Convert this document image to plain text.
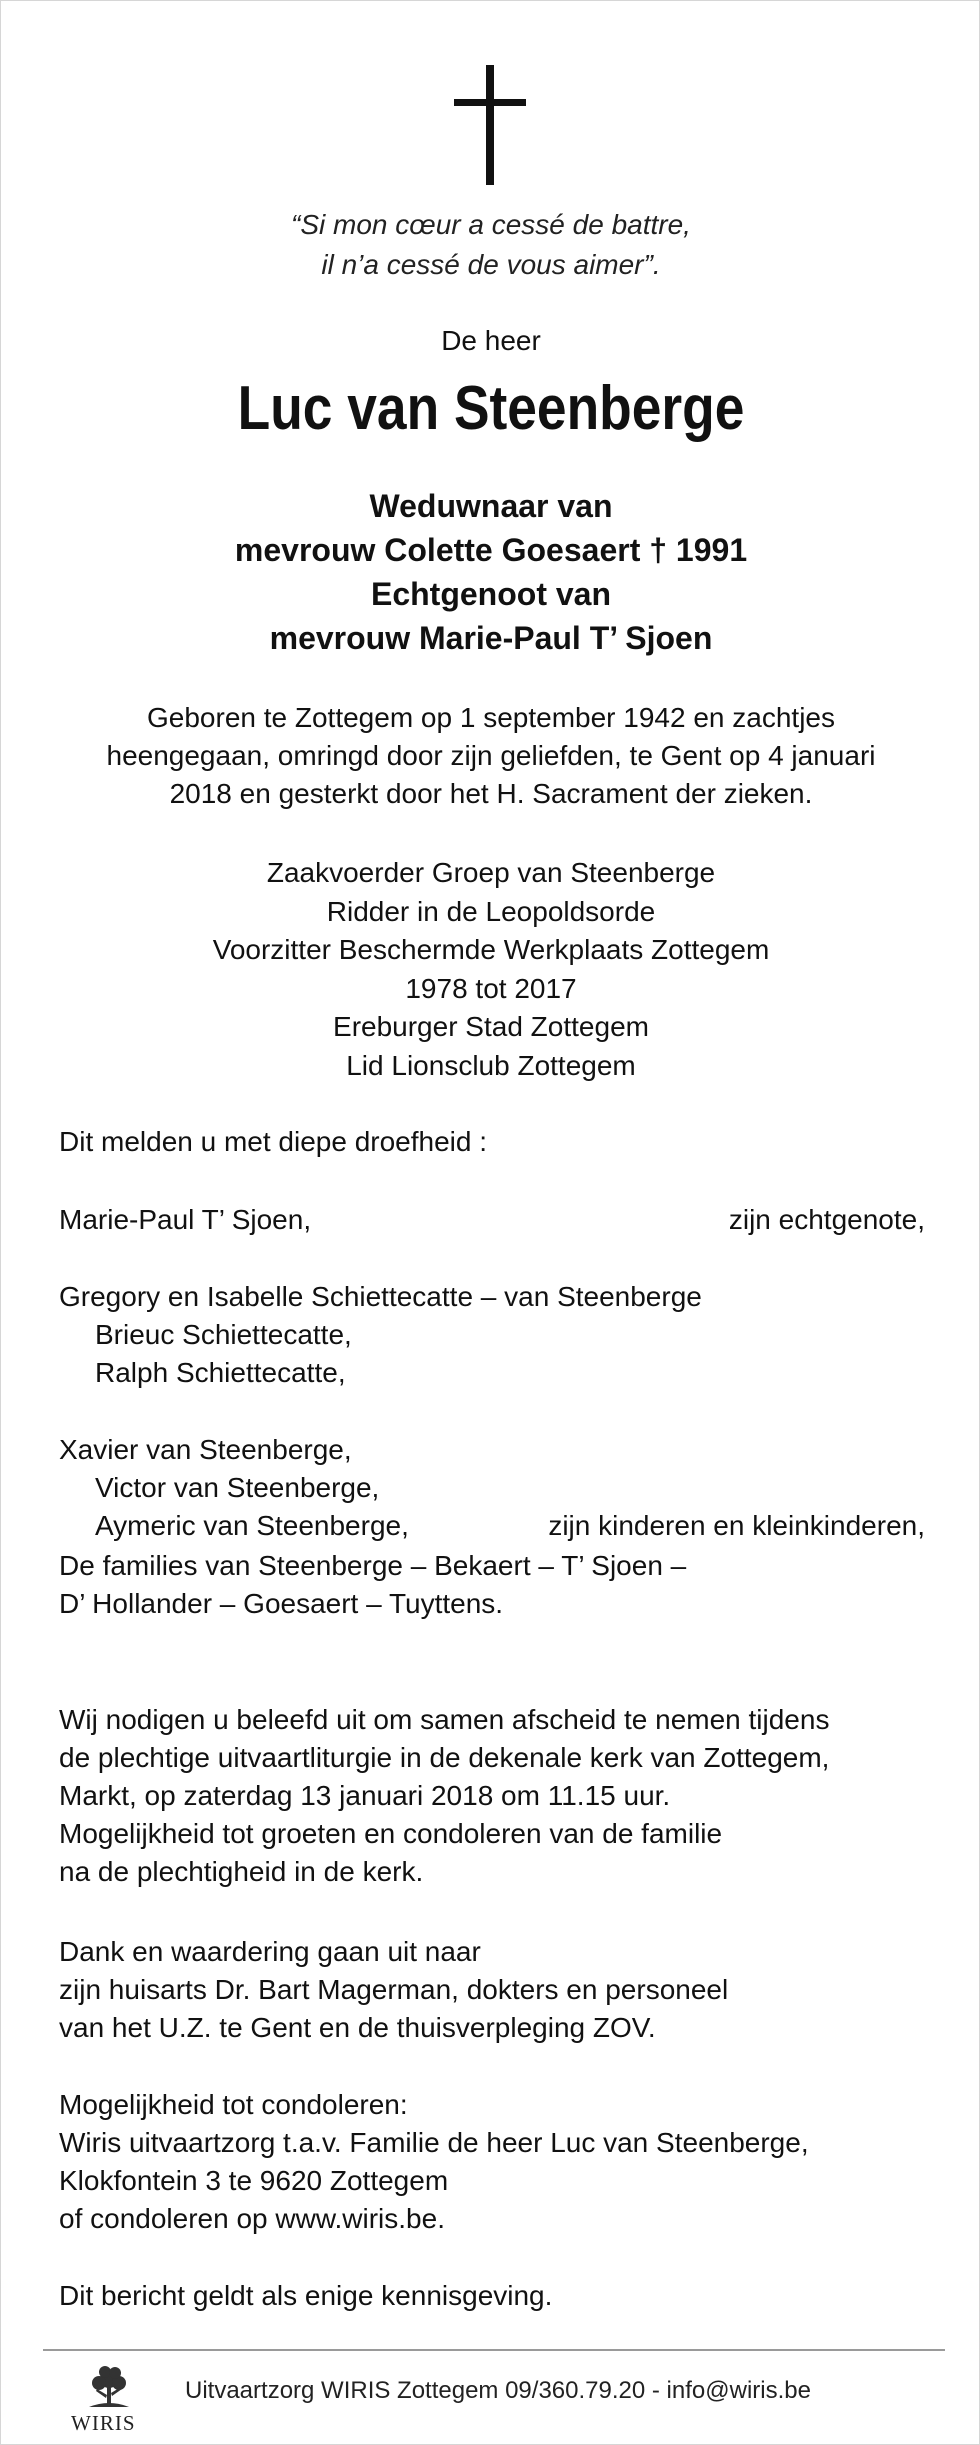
“Si mon cœur a cessé de battre,
il n’a cessé de vous aimer”.
De heer
Luc van Steenberge
Weduwnaar van
mevrouw Colette Goesaert † 1991
Echtgenoot van
mevrouw Marie-Paul T’ Sjoen
Geboren te Zottegem op 1 september 1942 en zachtjes
heengegaan, omringd door zijn geliefden, te Gent op 4 januari
2018 en gesterkt door het H. Sacrament der zieken.
Zaakvoerder Groep van Steenberge
Ridder in de Leopoldsorde
Voorzitter Beschermde Werkplaats Zottegem
1978 tot 2017
Ereburger Stad Zottegem
Lid Lionsclub Zottegem
Dit melden u met diepe droefheid :
Marie-Paul T’ Sjoen,	zijn echtgenote,
Gregory en Isabelle Schiettecatte – van Steenberge
Brieuc Schiettecatte,
Ralph Schiettecatte,
Xavier van Steenberge,
Victor van Steenberge,
Aymeric van Steenberge,	zijn kinderen en kleinkinderen,
De families van Steenberge – Bekaert – T’ Sjoen –
D’ Hollander – Goesaert – Tuyttens.
Wij nodigen u beleefd uit om samen afscheid te nemen tijdens
de plechtige uitvaartliturgie in de dekenale kerk van Zottegem,
Markt, op zaterdag 13 januari 2018 om 11.15 uur.
Mogelijkheid tot groeten en condoleren van de familie
na de plechtigheid in de kerk.
Dank en waardering gaan uit naar
zijn huisarts Dr. Bart Magerman, dokters en personeel
van het U.Z. te Gent en de thuisverpleging ZOV.
Mogelijkheid tot condoleren:
Wiris uitvaartzorg t.a.v. Familie de heer Luc van Steenberge,
Klokfontein 3 te 9620 Zottegem
of condoleren op www.wiris.be.
Dit bericht geldt als enige kennisgeving.
WIRIS
Uitvaartzorg WIRIS Zottegem 09/360.79.20 - info@wiris.be
